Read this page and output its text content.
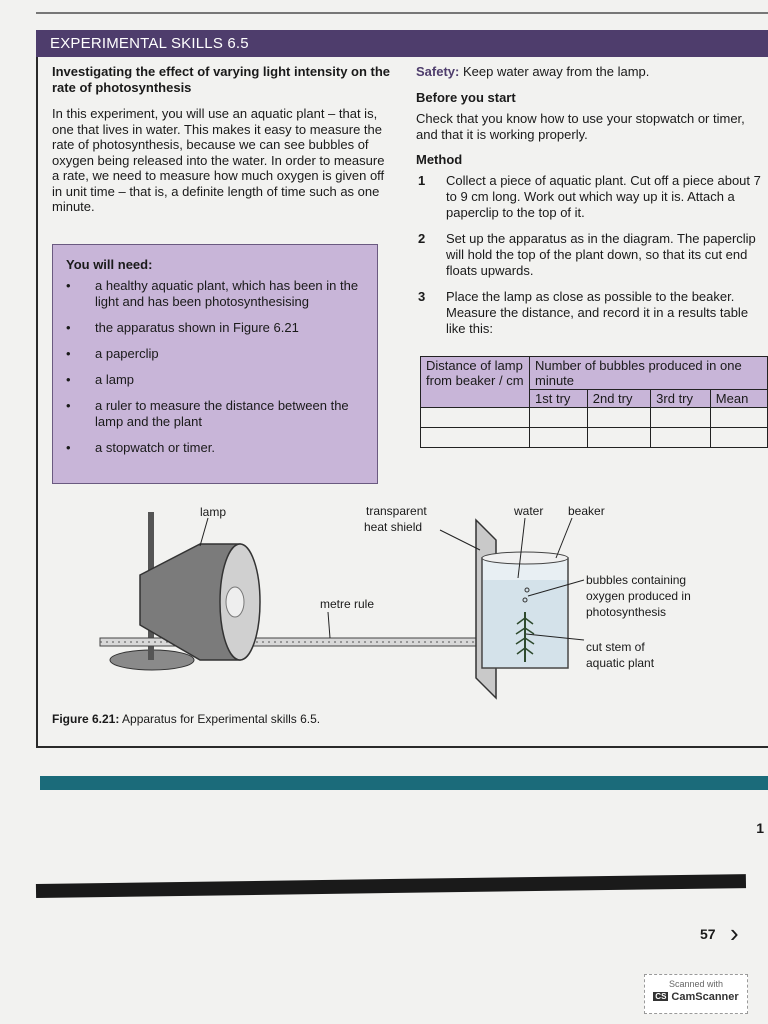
EXPERIMENTAL SKILLS 6.5

Investigating the effect of varying light intensity on the rate of photosynthesis

In this experiment, you will use an aquatic plant – that is, one that lives in water. This makes it easy to measure the rate of photosynthesis, because we can see bubbles of oxygen being released into the water. In order to measure a rate, we need to measure how much oxygen is given off in unit time – that is, a definite length of time such as one minute.

You will need:
• a healthy aquatic plant, which has been in the light and has been photosynthesising
• the apparatus shown in Figure 6.21
• a paperclip
• a lamp
• a ruler to measure the distance between the lamp and the plant
• a stopwatch or timer.

Safety: Keep water away from the lamp.

Before you start

Check that you know how to use your stopwatch or timer, and that it is working properly.

Method
1 Collect a piece of aquatic plant. Cut off a piece about 7 to 9 cm long. Work out which way up it is. Attach a paperclip to the top of it.
2 Set up the apparatus as in the diagram. The paperclip will hold the top of the plant down, so that its cut end floats upwards.
3 Place the lamp as close as possible to the beaker. Measure the distance, and record it in a results table like this:
Distance of lamp from beaker / cm	Number of bubbles produced in one minute			
	1st try	2nd try	3rd try	Mean

lamp	transparent
heat shield
water beaker
bubbles containing
oxygen produced in
photosynthesis
metre rule
cut stem of
aquatic plant
Figure 6.21: Apparatus for Experimental skills 6.5.
1
57 ›
Scanned with
CS CamScanner
